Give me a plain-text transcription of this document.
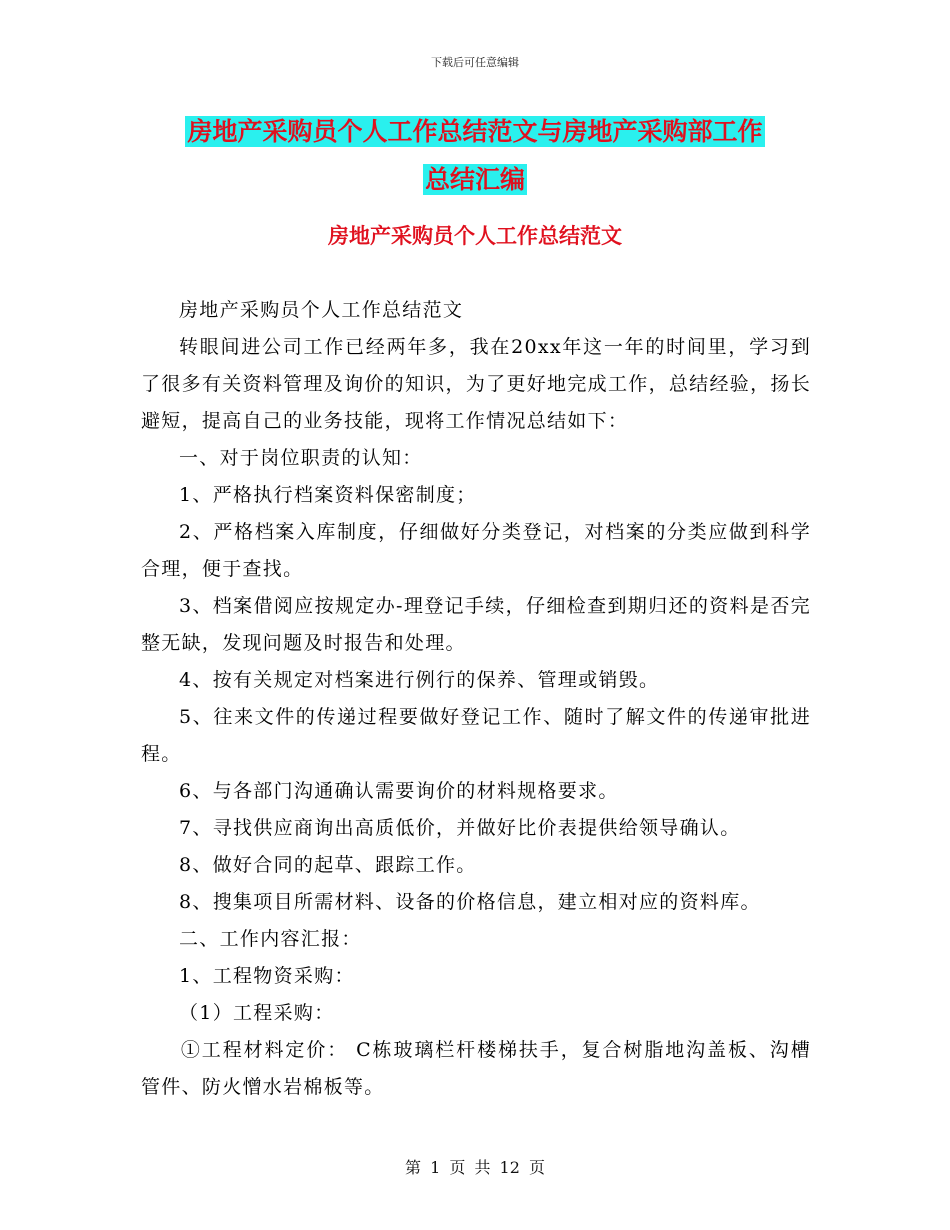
下载后可任意编辑
房地产采购员个人工作总结范文与房地产采购部工作
总结汇编
房地产采购员个人工作总结范文

房地产采购员个人工作总结范文

转眼间进公司工作已经两年多，我在20xx年这一年的时间里，学习到了很多有关资料管理及询价的知识，为了更好地完成工作，总结经验，扬长避短，提高自己的业务技能，现将工作情况总结如下：

一、对于岗位职责的认知：

1、严格执行档案资料保密制度；

2、严格档案入库制度，仔细做好分类登记，对档案的分类应做到科学合理，便于查找。

3、档案借阅应按规定办-理登记手续，仔细检查到期归还的资料是否完整无缺，发现问题及时报告和处理。

4、按有关规定对档案进行例行的保养、管理或销毁。

5、往来文件的传递过程要做好登记工作、随时了解文件的传递审批进程。

6、与各部门沟通确认需要询价的材料规格要求。

7、寻找供应商询出高质低价，并做好比价表提供给领导确认。

8、做好合同的起草、跟踪工作。

8、搜集项目所需材料、设备的价格信息，建立相对应的资料库。

二、工作内容汇报：

1、工程物资采购：

（1）工程采购：

①工程材料定价： C栋玻璃栏杆楼梯扶手，复合树脂地沟盖板、沟槽管件、防火憎水岩棉板等。

第 1 页 共 12 页
